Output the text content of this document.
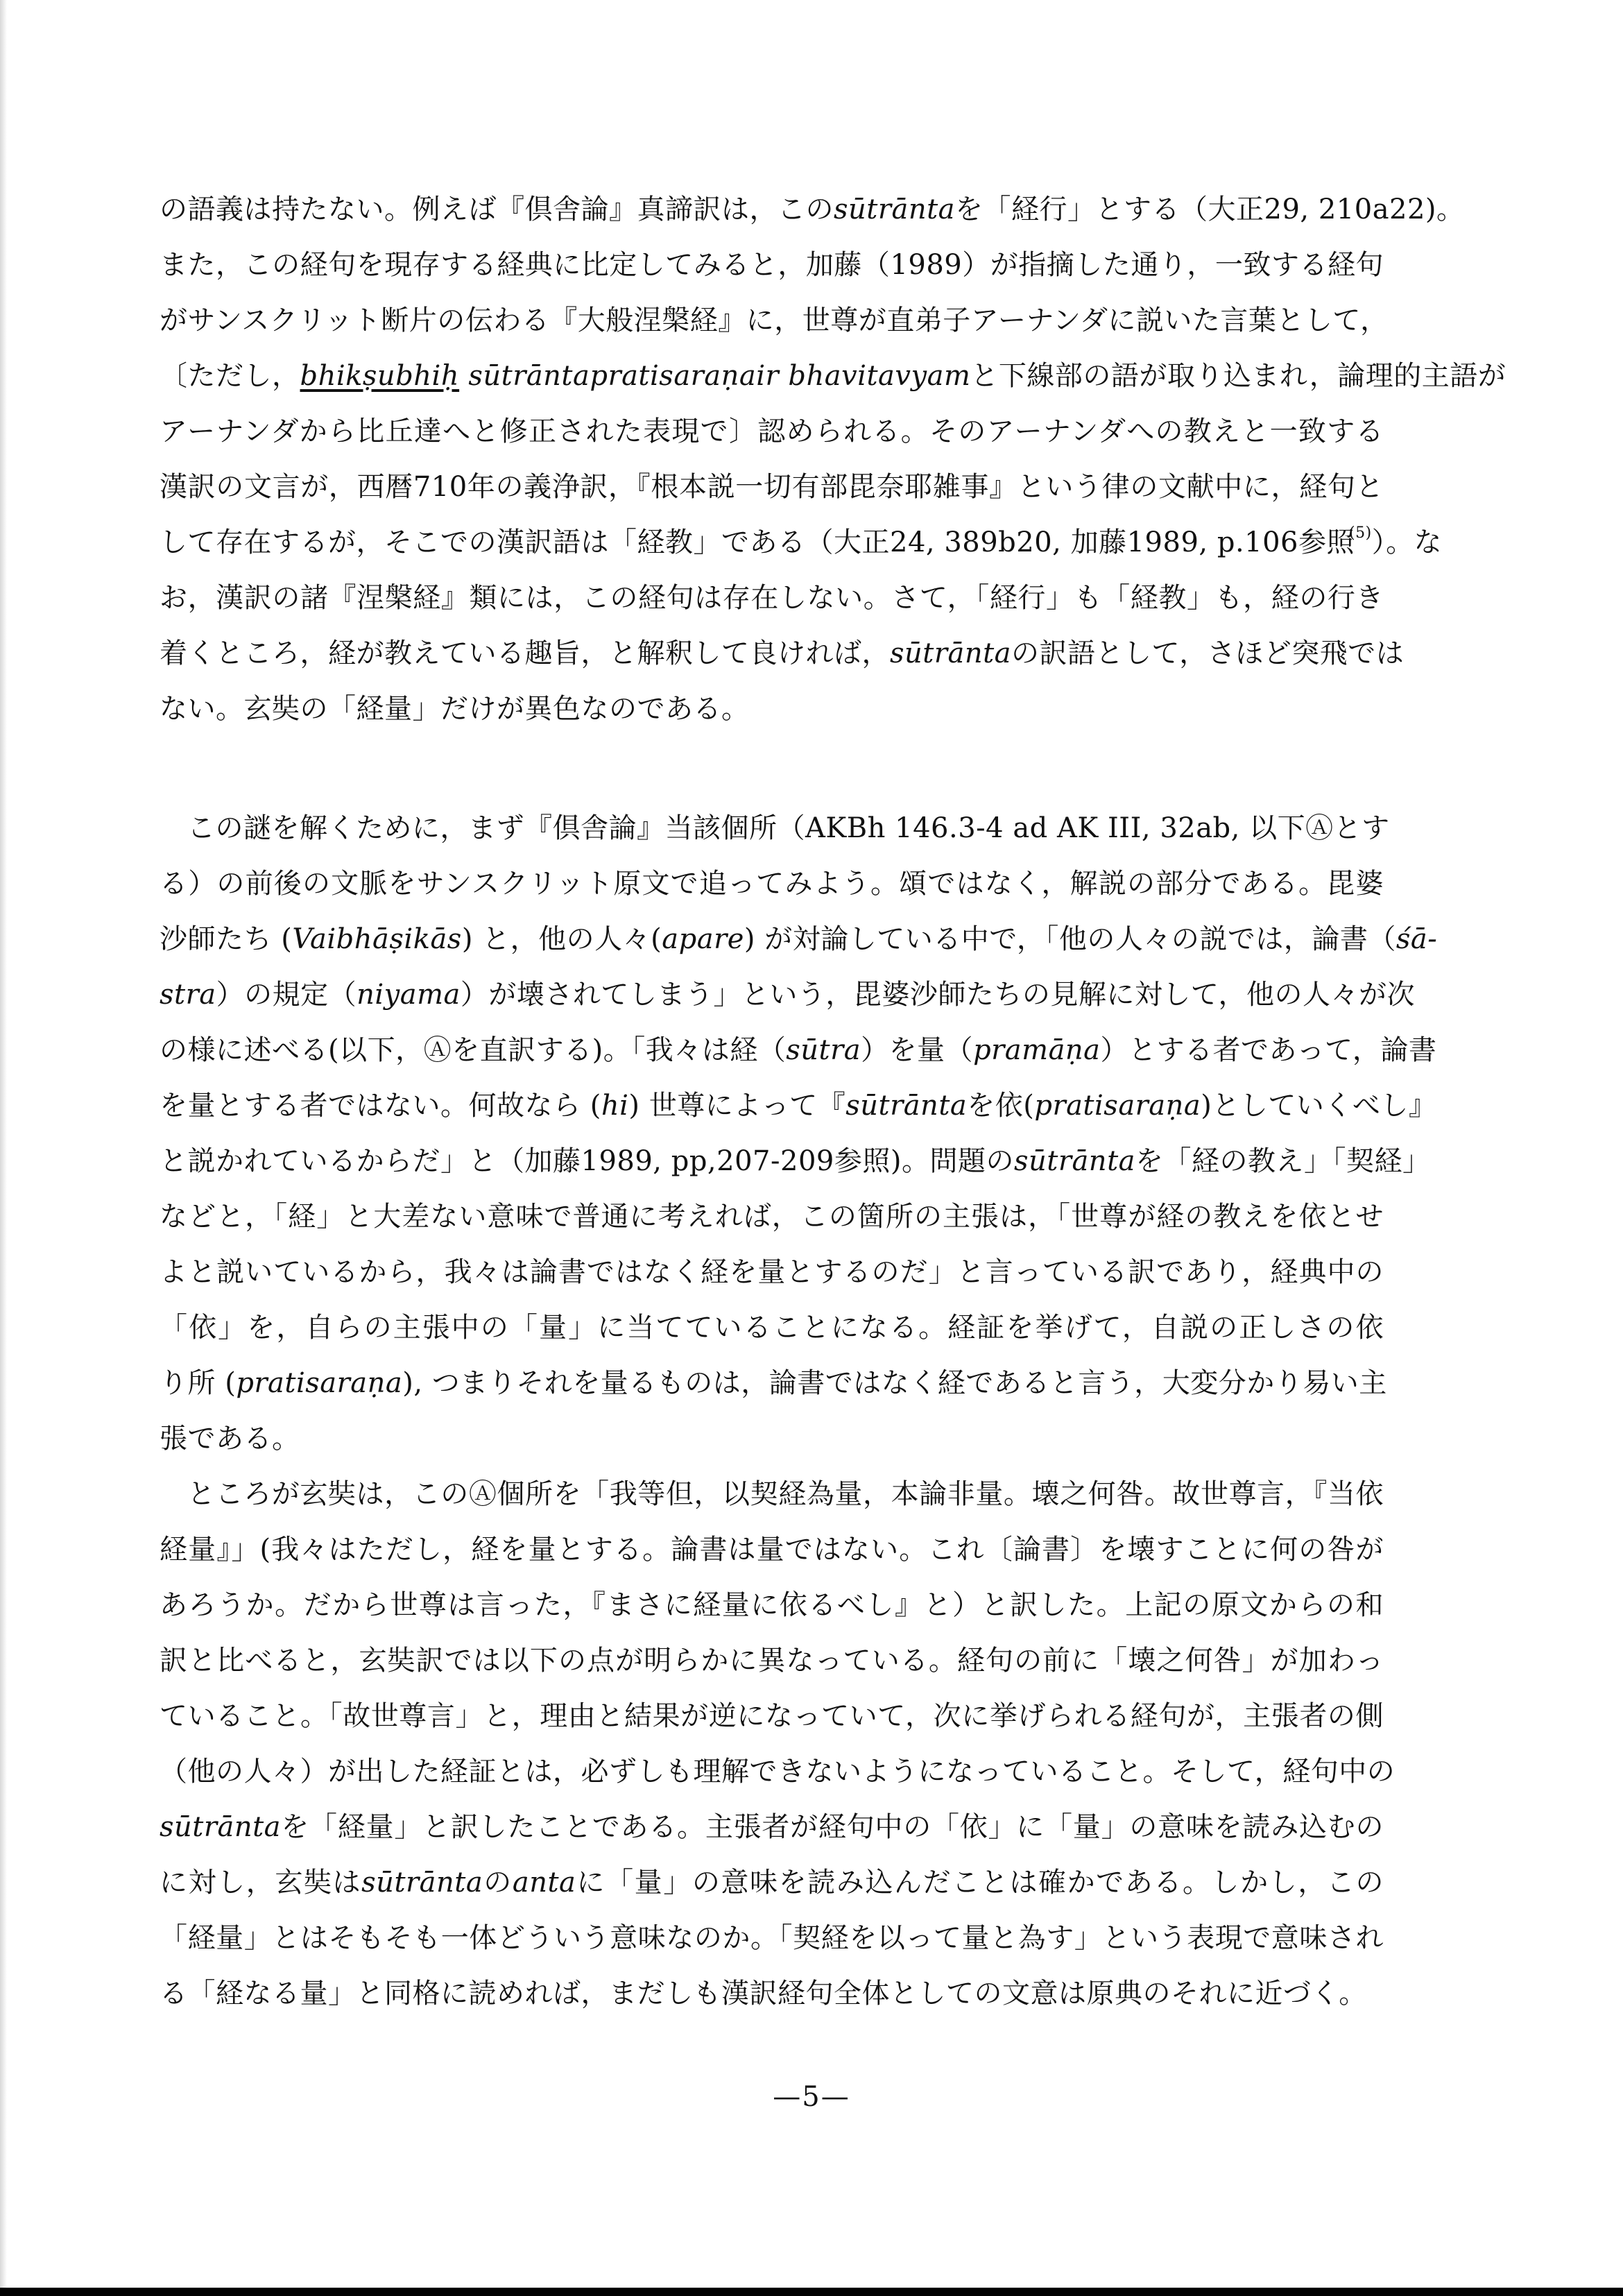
の語義は持たない。例えば『倶舎論』真諦訳は，このsūtrāntaを「経行」とする（大正29, 210a22)。
また，この経句を現存する経典に比定してみると，加藤（1989）が指摘した通り，一致する経句
がサンスクリット断片の伝わる『大般涅槃経』に，世尊が直弟子アーナンダに説いた言葉として，
〔ただし，bhikṣubhiḥ sūtrāntapratisaraṇair bhavitavyamと下線部の語が取り込まれ，論理的主語が
アーナンダから比丘達へと修正された表現で〕認められる。そのアーナンダへの教えと一致する
漢訳の文言が，西暦710年の義浄訳，『根本説一切有部毘奈耶雑事』という律の文献中に，経句と
して存在するが，そこでの漢訳語は「経教」である（大正24, 389b20, 加藤1989, p.106参照$^{(5)}$）。な
お，漢訳の諸『涅槃経』類には，この経句は存在しない。さて，「経行」も「経教」も，経の行き
着くところ，経が教えている趣旨，と解釈して良ければ，sūtrāntaの訳語として，さほど突飛では
ない。玄奘の「経量」だけが異色なのである。
この謎を解くために，まず『倶舎論』当該個所（AKBh 146.3-4 ad AK III, 32ab, 以下Ⓐとす
る）の前後の文脈をサンスクリット原文で追ってみよう。頌ではなく，解説の部分である。毘婆
沙師たち (Vaibhāṣikās) と，他の人々(apare) が対論している中で，「他の人々の説では，論書（śā-
stra）の規定（niyama）が壊されてしまう」という，毘婆沙師たちの見解に対して，他の人々が次
の様に述べる(以下，Ⓐを直訳する)。「我々は経（sūtra）を量（pramāṇa）とする者であって，論書
を量とする者ではない。何故なら (hi) 世尊によって『sūtrāntaを依(pratisaraṇa)としていくべし』
と説かれているからだ」と（加藤1989, pp,207-209参照)。問題のsūtrāntaを「経の教え」「契経」
などと，「経」と大差ない意味で普通に考えれば，この箇所の主張は，「世尊が経の教えを依とせ
よと説いているから，我々は論書ではなく経を量とするのだ」と言っている訳であり，経典中の
「依」を，自らの主張中の「量」に当てていることになる。経証を挙げて，自説の正しさの依
り所 (pratisaraṇa), つまりそれを量るものは，論書ではなく経であると言う，大変分かり易い主
張である。
ところが玄奘は，このⒶ個所を「我等但，以契経為量，本論非量。壊之何咎。故世尊言，『当依
経量』」(我々はただし，経を量とする。論書は量ではない。これ〔論書〕を壊すことに何の咎が
あろうか。だから世尊は言った，『まさに経量に依るべし』と）と訳した。上記の原文からの和
訳と比べると，玄奘訳では以下の点が明らかに異なっている。経句の前に「壊之何咎」が加わっ
ていること。「故世尊言」と，理由と結果が逆になっていて，次に挙げられる経句が，主張者の側
（他の人々）が出した経証とは，必ずしも理解できないようになっていること。そして，経句中の
sūtrāntaを「経量」と訳したことである。主張者が経句中の「依」に「量」の意味を読み込むの
に対し，玄奘はsūtrāntaのantaに「量」の意味を読み込んだことは確かである。しかし，この
「経量」とはそもそも一体どういう意味なのか。「契経を以って量と為す」という表現で意味され
る「経なる量」と同格に読めれば，まだしも漢訳経句全体としての文意は原典のそれに近づく。
—5—
